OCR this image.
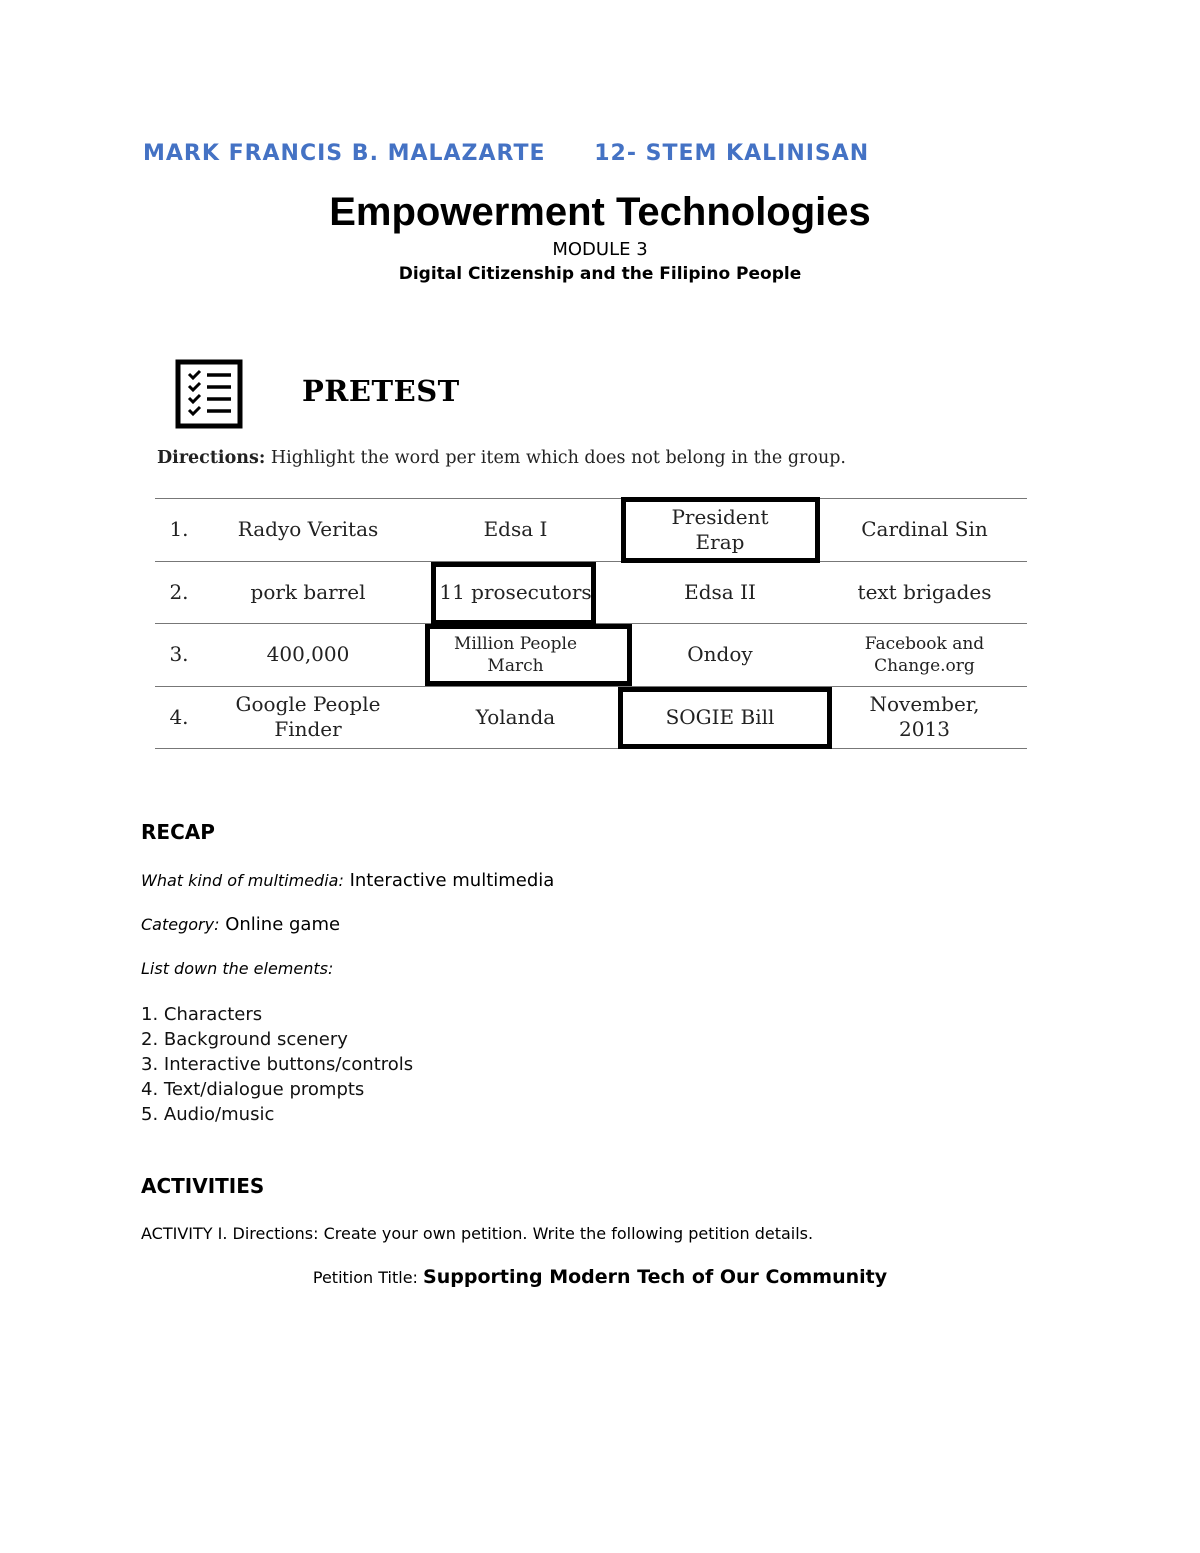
MARK FRANCIS B. MALAZARTE 12- STEM KALINISAN
Empowerment Technologies
MODULE 3
Digital Citizenship and the Filipino People
PRETEST
Directions: Highlight the word per item which does not belong in the group.
1.	Radyo Veritas	Edsa I	President Erap	Cardinal Sin
2.	pork barrel	11 prosecutors	Edsa II	text brigades
3.	400,000	Million People March	Ondoy	Facebook and Change.org

4.	Google People Finder	Yolanda	SOGIE Bill	November, 2013
RECAP
What kind of multimedia: Interactive multimedia
Category: Online game
List down the elements:
1. Characters
2. Background scenery
3. Interactive buttons/controls
4. Text/dialogue prompts
5. Audio/music
ACTIVITIES
ACTIVITY I. Directions: Create your own petition. Write the following petition details.
Petition Title: Supporting Modern Tech of Our Community
